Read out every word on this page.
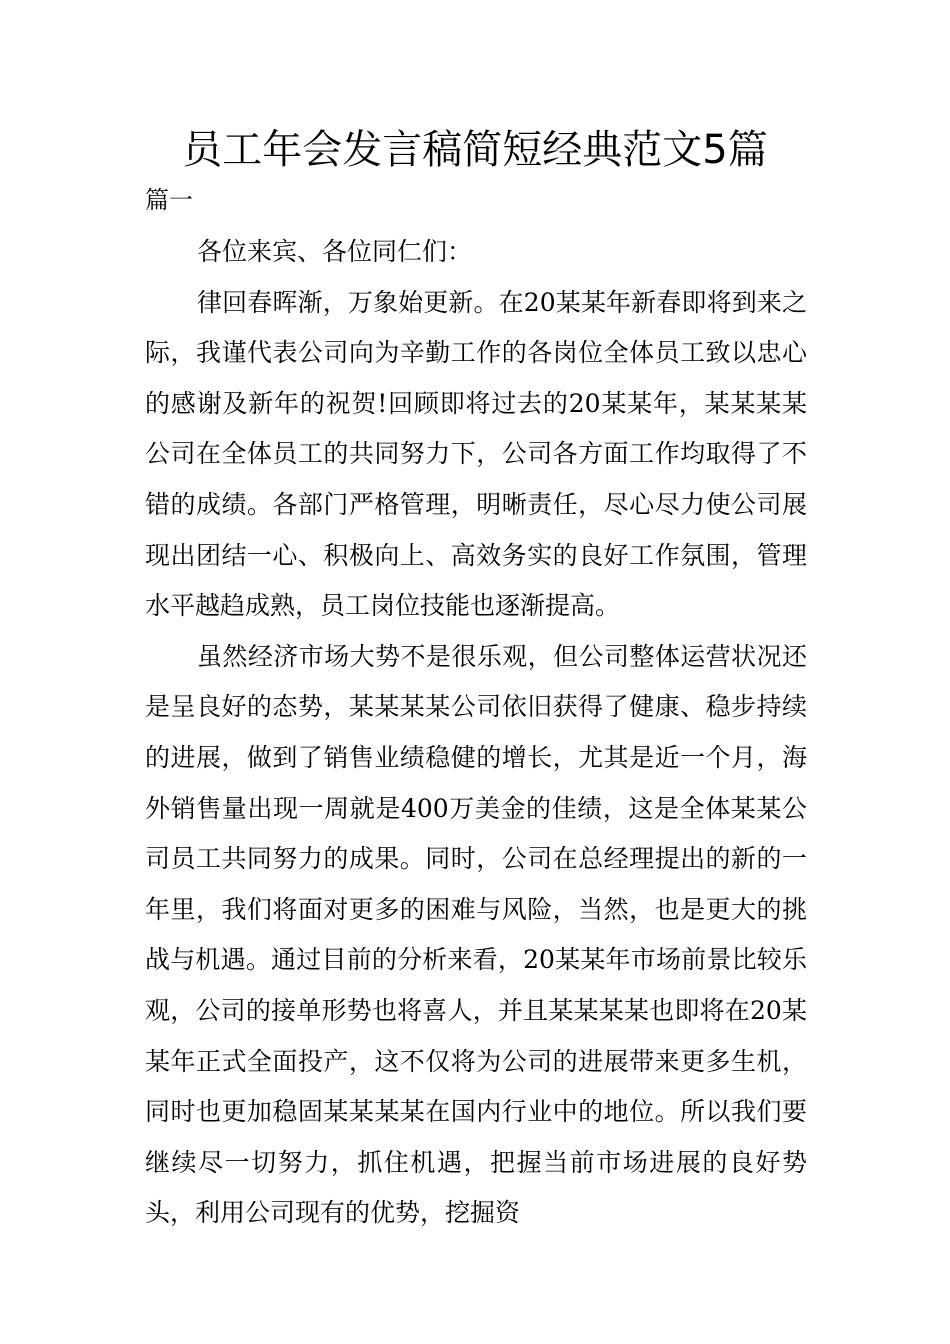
员工年会发言稿简短经典范文5篇
篇一

各位来宾、各位同仁们：

律回春晖渐，万象始更新。在20某某年新春即将到来之际，我谨代表公司向为辛勤工作的各岗位全体员工致以忠心的感谢及新年的祝贺!回顾即将过去的20某某年，某某某某公司在全体员工的共同努力下，公司各方面工作均取得了不错的成绩。各部门严格管理，明晰责任，尽心尽力使公司展现出团结一心、积极向上、高效务实的良好工作氛围，管理水平越趋成熟，员工岗位技能也逐渐提高。

虽然经济市场大势不是很乐观，但公司整体运营状况还是呈良好的态势，某某某某公司依旧获得了健康、稳步持续的进展，做到了销售业绩稳健的增长，尤其是近一个月，海外销售量出现一周就是400万美金的佳绩，这是全体某某公司员工共同努力的成果。同时，公司在总经理提出的新的一年里，我们将面对更多的困难与风险，当然，也是更大的挑战与机遇。通过目前的分析来看，20某某年市场前景比较乐观，公司的接单形势也将喜人，并且某某某某也即将在20某某年正式全面投产，这不仅将为公司的进展带来更多生机，同时也更加稳固某某某某在国内行业中的地位。所以我们要继续尽一切努力，抓住机遇，把握当前市场进展的良好势头，利用公司现有的优势，挖掘资
